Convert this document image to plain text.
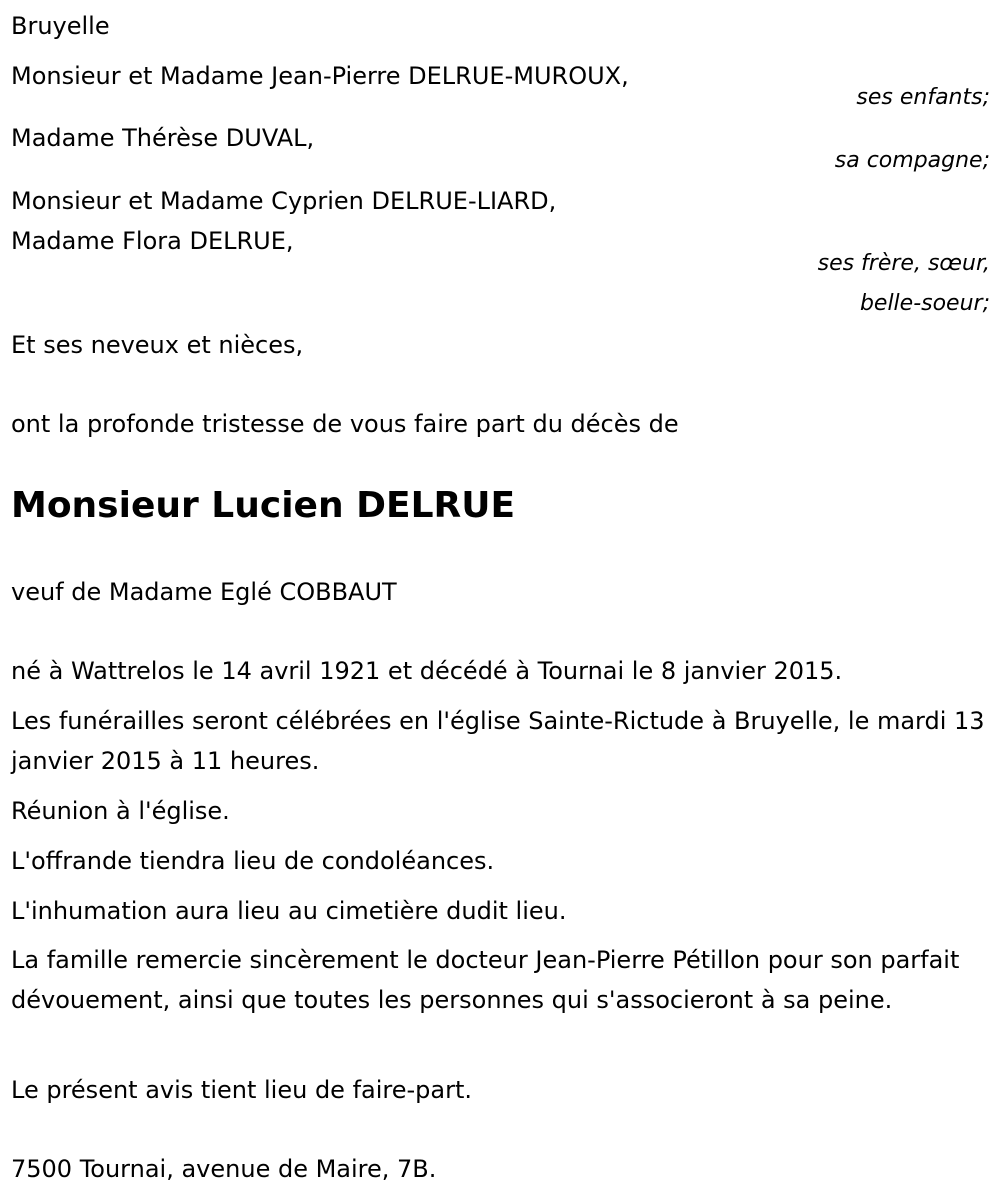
Bruyelle
Monsieur et Madame Jean-Pierre DELRUE-MUROUX,
ses enfants;
Madame Thérèse DUVAL,
sa compagne;
Monsieur et Madame Cyprien DELRUE-LIARD,
Madame Flora DELRUE,
ses frère, sœur,
belle-soeur;
Et ses neveux et nièces,
ont la profonde tristesse de vous faire part du décès de
Monsieur Lucien DELRUE
veuf de Madame Eglé COBBAUT
né à Wattrelos le 14 avril 1921 et décédé à Tournai le 8 janvier 2015.
Les funérailles seront célébrées en l'église Sainte-Rictude à Bruyelle, le mardi 13 janvier 2015 à 11 heures.
Réunion à l'église.
L'offrande tiendra lieu de condoléances.
L'inhumation aura lieu au cimetière dudit lieu.
La famille remercie sincèrement le docteur Jean-Pierre Pétillon pour son parfait dévouement, ainsi que toutes les personnes qui s'associeront à sa peine.
Le présent avis tient lieu de faire-part.
7500 Tournai, avenue de Maire, 7B.
